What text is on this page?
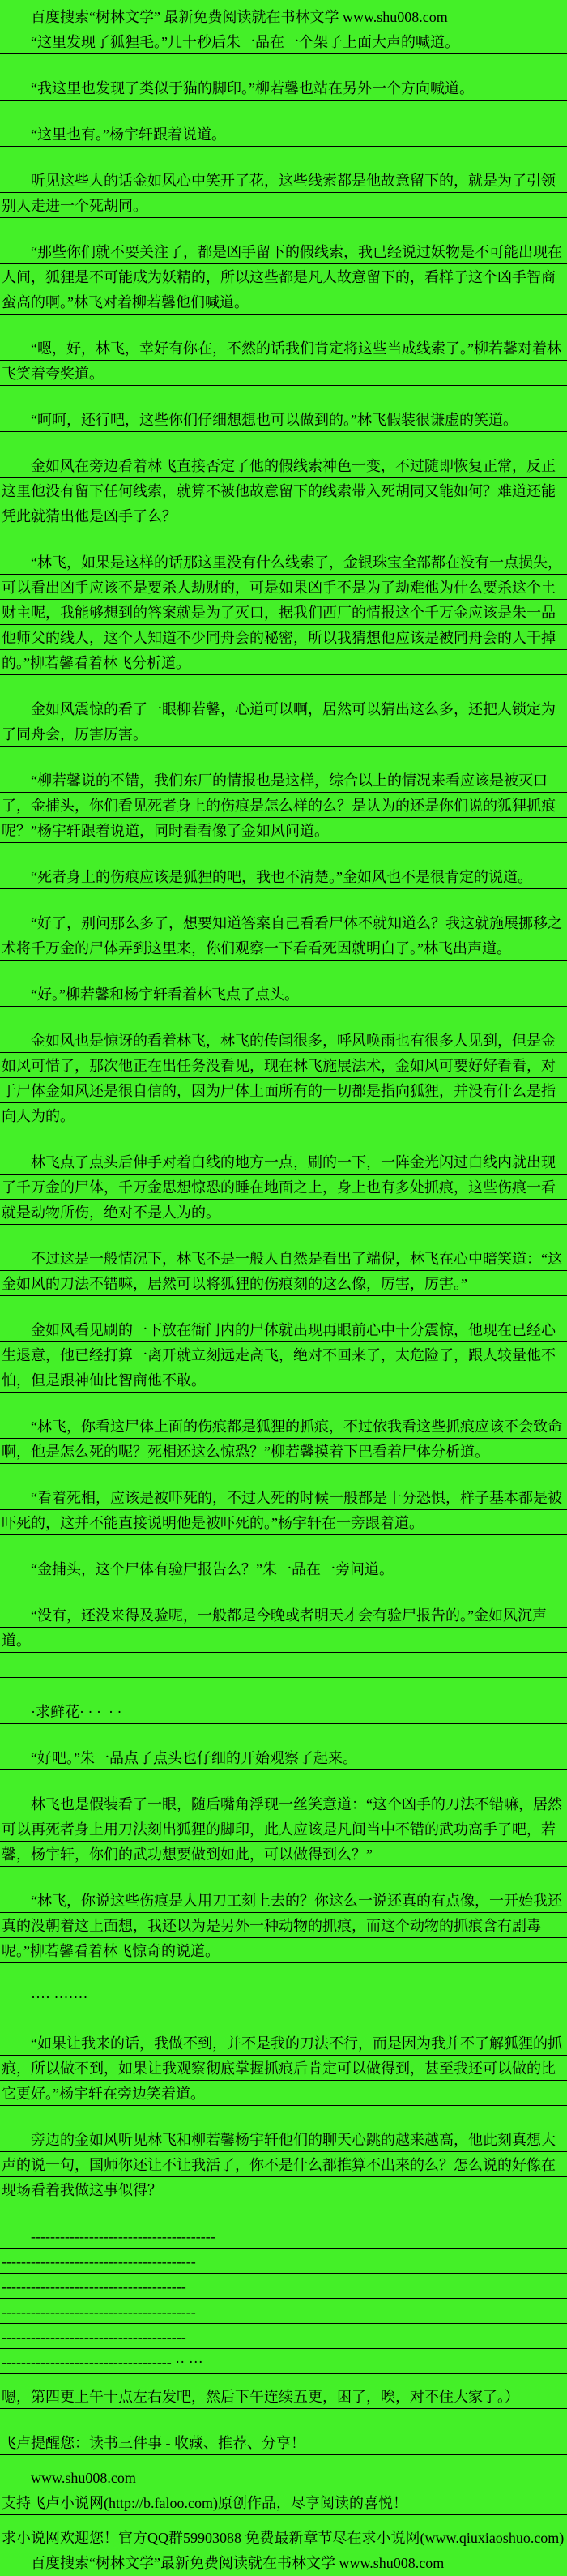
百度搜索“树林文学” 最新免费阅读就在书林文学 www.shu008.com
“这里发现了狐狸毛。”几十秒后朱一品在一个架子上面大声的喊道。
“我这里也发现了类似于猫的脚印。”柳若馨也站在另外一个方向喊道。
“这里也有。”杨宇轩跟着说道。
听见这些人的话金如风心中笑开了花，这些线索都是他故意留下的，就是为了引领别人走进一个死胡同。
“那些你们就不要关注了，都是凶手留下的假线索，我已经说过妖物是不可能出现在人间，狐狸是不可能成为妖精的，所以这些都是凡人故意留下的，看样子这个凶手智商蛮高的啊。”林飞对着柳若馨他们喊道。
“嗯，好，林飞，幸好有你在，不然的话我们肯定将这些当成线索了。”柳若馨对着林飞笑着夸奖道。
“呵呵，还行吧，这些你们仔细想想也可以做到的。”林飞假装很谦虚的笑道。
金如风在旁边看着林飞直接否定了他的假线索神色一变，不过随即恢复正常，反正这里他没有留下任何线索，就算不被他故意留下的线索带入死胡同又能如何？难道还能凭此就猜出他是凶手了么？
“林飞，如果是这样的话那这里没有什么线索了，金银珠宝全部都在没有一点损失，可以看出凶手应该不是要杀人劫财的，可是如果凶手不是为了劫难他为什么要杀这个土财主呢，我能够想到的答案就是为了灭口，据我们西厂的情报这个千万金应该是朱一品他师父的线人，这个人知道不少同舟会的秘密，所以我猜想他应该是被同舟会的人干掉的。”柳若馨看着林飞分析道。
金如风震惊的看了一眼柳若馨，心道可以啊，居然可以猜出这么多，还把人锁定为了同舟会，厉害厉害。
“柳若馨说的不错，我们东厂的情报也是这样，综合以上的情况来看应该是被灭口了，金捕头，你们看见死者身上的伤痕是怎么样的么？是认为的还是你们说的狐狸抓痕呢？”杨宇轩跟着说道，同时看看像了金如风问道。
“死者身上的伤痕应该是狐狸的吧，我也不清楚。”金如风也不是很肯定的说道。
“好了，别问那么多了，想要知道答案自己看看尸体不就知道么？我这就施展挪移之术将千万金的尸体弄到这里来，你们观察一下看看死因就明白了。”林飞出声道。
“好。”柳若馨和杨宇轩看着林飞点了点头。
金如风也是惊讶的看着林飞，林飞的传闻很多，呼风唤雨也有很多人见到，但是金如风可惜了，那次他正在出任务没看见，现在林飞施展法术，金如风可要好好看看，对于尸体金如风还是很自信的，因为尸体上面所有的一切都是指向狐狸，并没有什么是指向人为的。
林飞点了点头后伸手对着白线的地方一点，刷的一下，一阵金光闪过白线内就出现了千万金的尸体，千万金思想惊恐的睡在地面之上，身上也有多处抓痕，这些伤痕一看就是动物所伤，绝对不是人为的。
不过这是一般情况下，林飞不是一般人自然是看出了端倪，林飞在心中暗笑道：“这金如风的刀法不错嘛，居然可以将狐狸的伤痕刻的这么像，厉害，厉害。”
金如风看见刷的一下放在衙门内的尸体就出现再眼前心中十分震惊，他现在已经心生退意，他已经打算一离开就立刻远走高飞，绝对不回来了，太危险了，跟人较量他不怕，但是跟神仙比智商他不敢。
“林飞，你看这尸体上面的伤痕都是狐狸的抓痕，不过依我看这些抓痕应该不会致命啊，他是怎么死的呢？死相还这么惊恐？”柳若馨摸着下巴看着尸体分析道。
“看着死相，应该是被吓死的，不过人死的时候一般都是十分恐惧，样子基本都是被吓死的，这并不能直接说明他是被吓死的。”杨宇轩在一旁跟着道。
“金捕头，这个尸体有验尸报告么？”朱一品在一旁问道。
“没有，还没来得及验呢，一般都是今晚或者明天才会有验尸报告的。”金如风沉声道。

·求鲜花· · ·  · ·
“好吧。”朱一品点了点头也仔细的开始观察了起来。
林飞也是假装看了一眼，随后嘴角浮现一丝笑意道：“这个凶手的刀法不错嘛，居然可以再死者身上用刀法刻出狐狸的脚印，此人应该是凡间当中不错的武功高手了吧，若馨，杨宇轩，你们的武功想要做到如此，可以做得到么？”
“林飞，你说这些伤痕是人用刀工刻上去的？你这么一说还真的有点像，一开始我还真的没朝着这上面想，我还以为是另外一种动物的抓痕，而这个动物的抓痕含有剧毒呢。”柳若馨看着林飞惊奇的说道。
···· ·······
“如果让我来的话，我做不到，并不是我的刀法不行，而是因为我并不了解狐狸的抓痕，所以做不到，如果让我观察彻底掌握抓痕后肯定可以做得到，甚至我还可以做的比它更好。”杨宇轩在旁边笑着道。
旁边的金如风听见林飞和柳若馨杨宇轩他们的聊天心跳的越来越高，他此刻真想大声的说一句，国师你还让不让我活了，你不是什么都推算不出来的么？怎么说的好像在现场看着我做这事似得？
--------------------------------------
----------------------------------------
--------------------------------------
----------------------------------------
--------------------------------------
----------------------------------- ·· ···
嗯，第四更上午十点左右发吧，然后下午连续五更，困了，唉，对不住大家了。）
飞卢提醒您：读书三件事 - 收藏、推荐、分享！
www.shu008.com
支持飞卢小说网(http://b.faloo.com)原创作品，尽享阅读的喜悦！
求小说网欢迎您！官方QQ群59903088 免费最新章节尽在求小说网(www.qiuxiaoshuo.com)
百度搜索“树林文学”最新免费阅读就在书林文学 www.shu008.com
